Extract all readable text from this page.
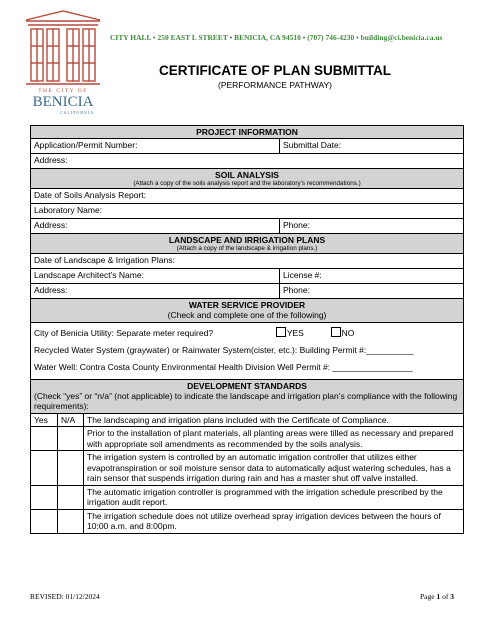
THE CITY OF
BENICIA
CALIFORNIA
CITY HALL • 250 EAST L STREET • BENICIA, CA 94510 • (707) 746-4230 • building@ci.benicia.ca.us
CERTIFICATE OF PLAN SUBMITTAL
(PERFORMANCE PATHWAY)
PROJECT INFORMATION			

Application/Permit Number:			Submittal Date:
Address:			

SOIL ANALYSIS
(Attach a copy of the soils analysis report and the laboratory’s recommendations.)			

Date of Soils Analysis Report:			
Laboratory Name:			
Address:			Phone:

LANDSCAPE AND IRRIGATION PLANS
(Attach a copy of the landscape & irrigation plans.)			

Date of Landscape & Irrigation Plans:			
Landscape Architect’s Name:			License #:
Address:			Phone:

WATER SERVICE PROVIDER
(Check and complete one of the following)			

City of Benicia Utility: Separate meter required? YES NO
Recycled Water System (graywater) or Rainwater System(cister, etc.): Building Permit #:__________
Water Well: Contra Costa County Environmental Health Division Well Permit #: _________________			

DEVELOPMENT STANDARDS
(Check “yes” or “n/a” (not applicable) to indicate the landscape and irrigation plan’s compliance with the following requirements):			

Yes	N/A	The landscaping and irrigation plans included with the Certificate of Compliance.	
		Prior to the installation of plant materials, all planting areas were tilled as necessary and prepared with appropriate soil amendments as recommended by the soils analysis.	
		The irrigation system is controlled by an automatic irrigation controller that utilizes either evapotranspiration or soil moisture sensor data to automatically adjust watering schedules, has a rain sensor that suspends irrigation during rain and has a master shut off valve installed.	
		The automatic irrigation controller is programmed with the irrigation schedule prescribed by the irrigation audit report.	
		The irrigation schedule does not utilize overhead spray irrigation devices between the hours of 10:00 a.m. and 8:00pm.	
REVISED: 01/12/2024	Page 1 of 3
